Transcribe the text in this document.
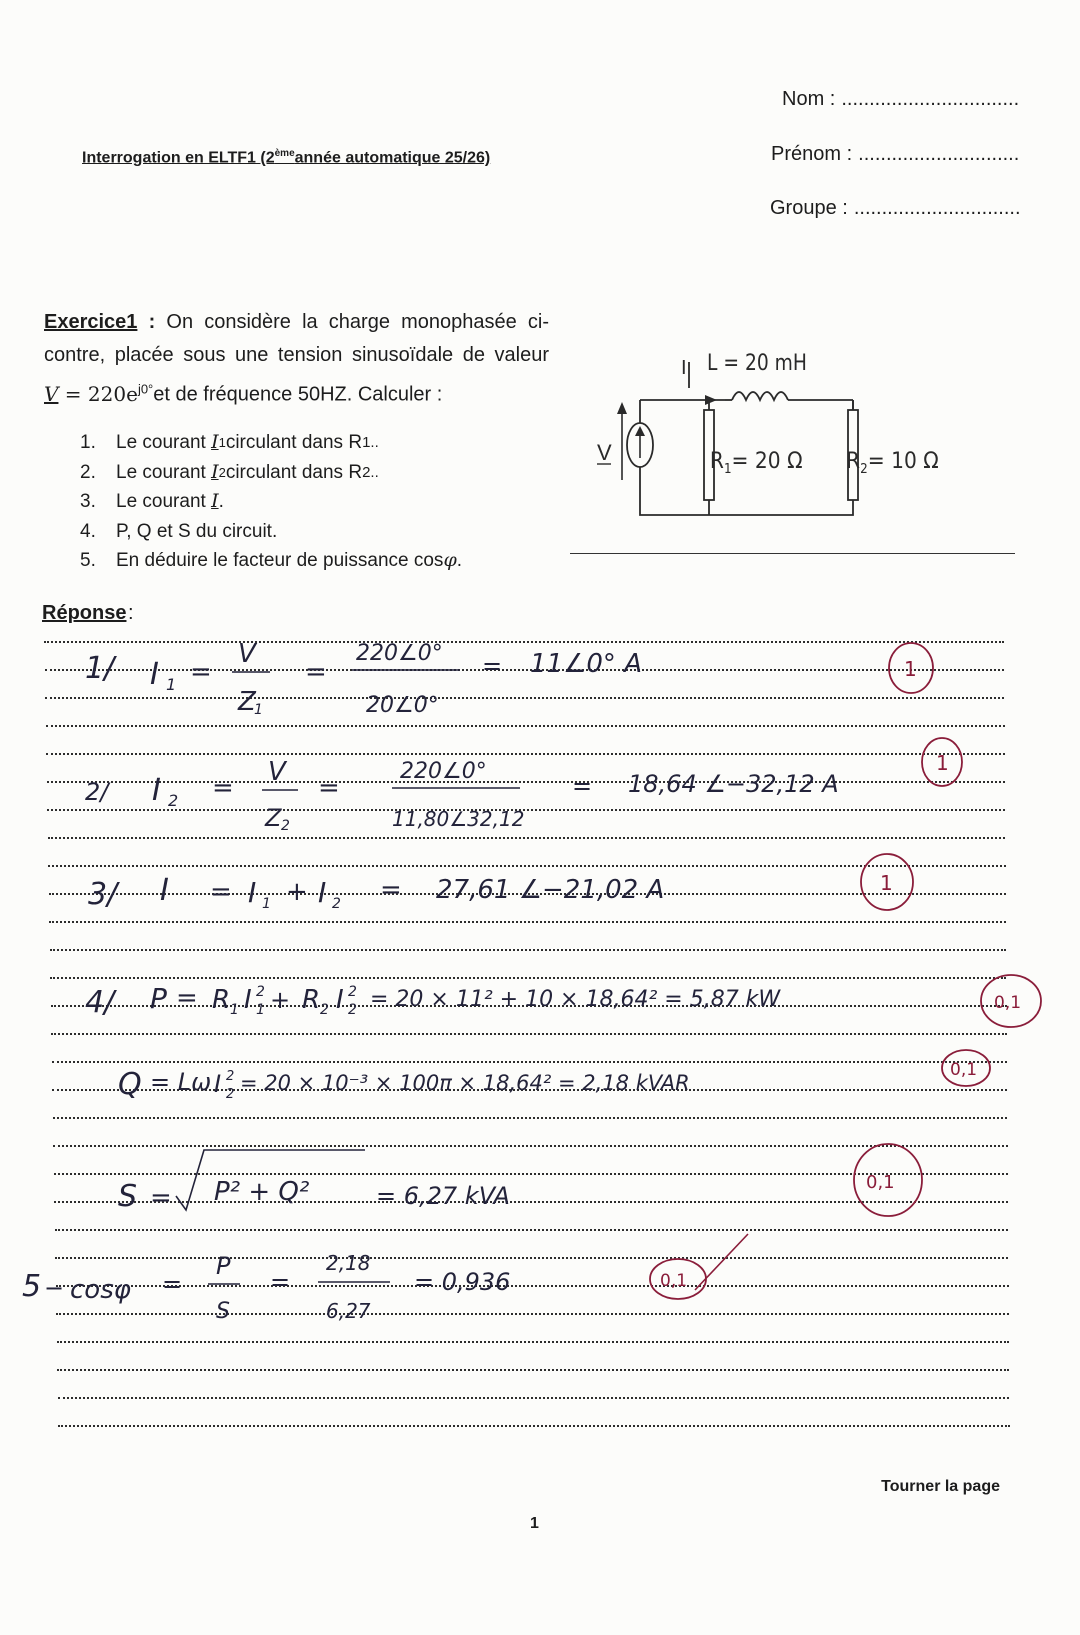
Nom : ................................
Prénom : .............................
Groupe : ..............................
Interrogation en ELTF1 (2èmeannée automatique 25/26)
Exercice1 : On considère la charge monophasée ci-contre, placée sous une tension sinusoïdale de valeur $V = 220e^{j0^\circ}et$ de fréquence 50HZ. Calculer :
1.	Le courant
I 1 circulant dans R 1..
2.	Le courant
I 2 circulant dans R 2..
3.	Le courant
I .
4.	P, Q et S du circuit.
5.	En déduire le facteur de puissance cos φ .
V
I L = 20 mH
$R_1= 20$ Ω $R_2= 10$ Ω
Réponse :
1/ I 1 =
V
Z
1
=
220∠0°
20∠0°
= 11∠0° A
2/ I 2 =
V
Z 2
=
220∠0°
11,80∠32,12
= 18,64 ∠−32,12 A
3/ I = I 1 + I 2 = 27,61 ∠−21,02 A
4/ P = R 1 I 2
1 + R 2 I 2
2 = 20 × 11² + 10 × 18,64² = 5,87 kW
Q = Lω I 2
2 = 20 × 10⁻³ × 100π × 18,64² = 2,18 kVAR
S = P² + Q²	= 6,27 kVA
5 − cosφ =
P
S
=
2,18
6,27
= 0,936
1
1
1
0,1
0,1
0,1
0,1
Tourner la page
1
